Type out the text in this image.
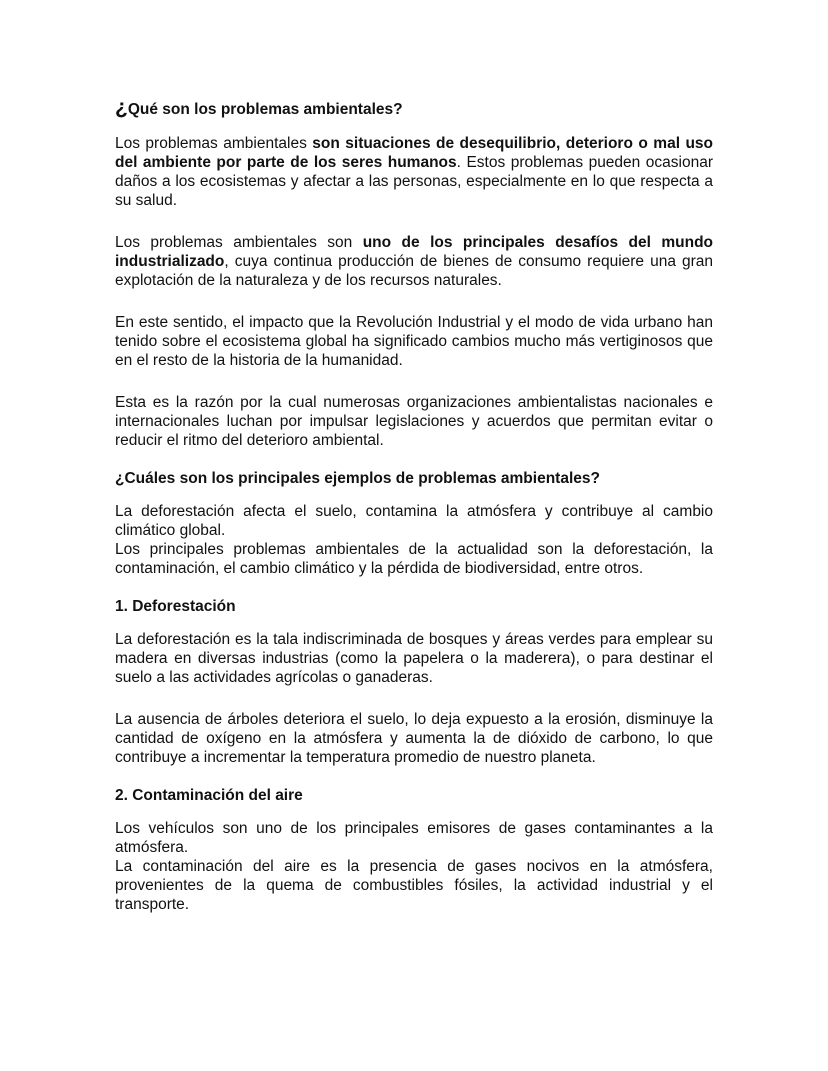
¿Qué son los problemas ambientales?

Los problemas ambientales son situaciones de desequilibrio, deterioro o mal uso del ambiente por parte de los seres humanos. Estos problemas pueden ocasionar daños a los ecosistemas y afectar a las personas, especialmente en lo que respecta a su salud.

Los problemas ambientales son uno de los principales desafíos del mundo industrializado, cuya continua producción de bienes de consumo requiere una gran explotación de la naturaleza y de los recursos naturales.

En este sentido, el impacto que la Revolución Industrial y el modo de vida urbano han tenido sobre el ecosistema global ha significado cambios mucho más vertiginosos que en el resto de la historia de la humanidad.

Esta es la razón por la cual numerosas organizaciones ambientalistas nacionales e internacionales luchan por impulsar legislaciones y acuerdos que permitan evitar o reducir el ritmo del deterioro ambiental.

¿Cuáles son los principales ejemplos de problemas ambientales?

La deforestación afecta el suelo, contamina la atmósfera y contribuye al cambio climático global.

Los principales problemas ambientales de la actualidad son la deforestación, la contaminación, el cambio climático y la pérdida de biodiversidad, entre otros.

1. Deforestación

La deforestación es la tala indiscriminada de bosques y áreas verdes para emplear su madera en diversas industrias (como la papelera o la maderera), o para destinar el suelo a las actividades agrícolas o ganaderas.

La ausencia de árboles deteriora el suelo, lo deja expuesto a la erosión, disminuye la cantidad de oxígeno en la atmósfera y aumenta la de dióxido de carbono, lo que contribuye a incrementar la temperatura promedio de nuestro planeta.

2. Contaminación del aire

Los vehículos son uno de los principales emisores de gases contaminantes a la atmósfera.

La contaminación del aire es la presencia de gases nocivos en la atmósfera, provenientes de la quema de combustibles fósiles, la actividad industrial y el transporte.
